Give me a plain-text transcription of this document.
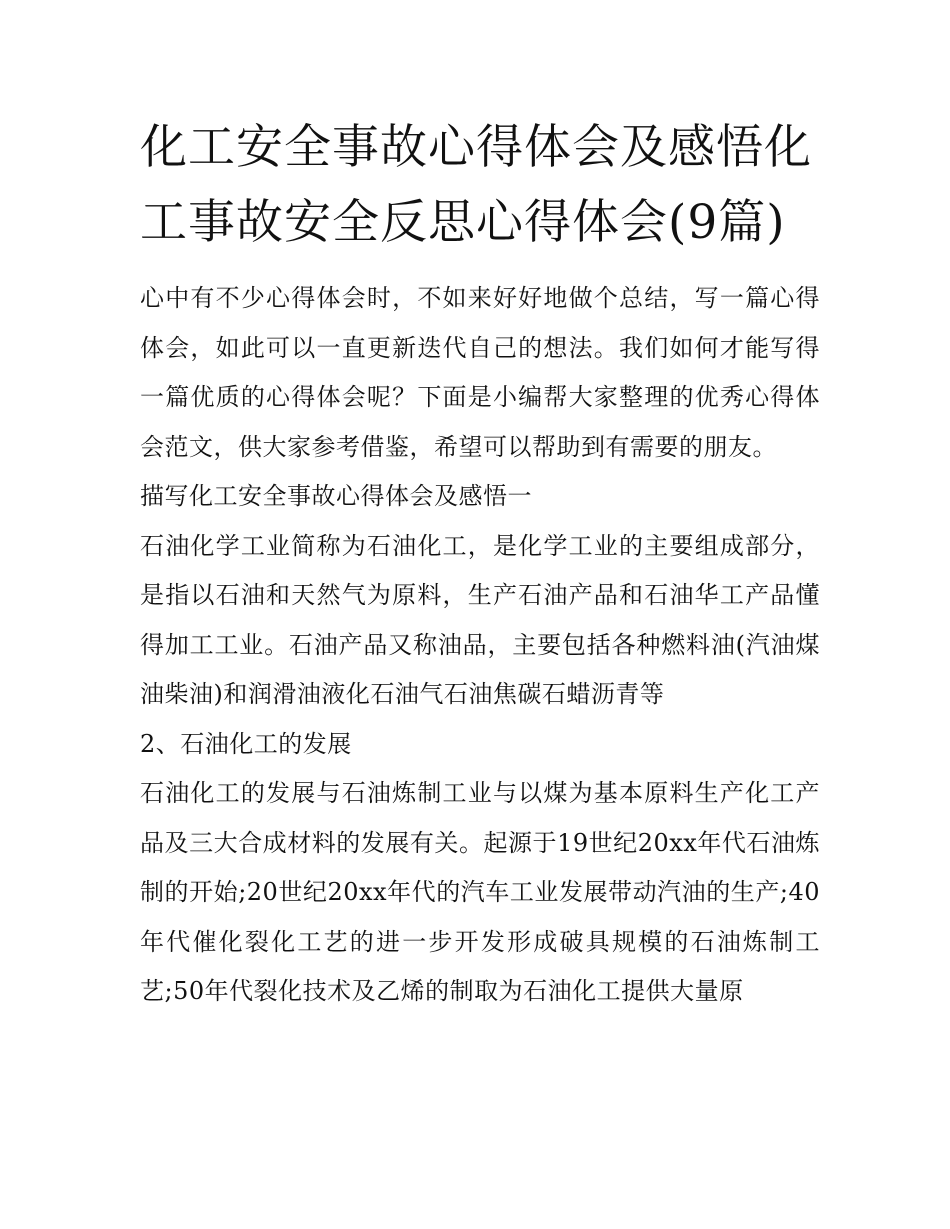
化工安全事故心得体会及感悟化工事故安全反思心得体会(9篇)

心中有不少心得体会时，不如来好好地做个总结，写一篇心得体会，如此可以一直更新迭代自己的想法。我们如何才能写得一篇优质的心得体会呢？下面是小编帮大家整理的优秀心得体会范文，供大家参考借鉴，希望可以帮助到有需要的朋友。

描写化工安全事故心得体会及感悟一

石油化学工业简称为石油化工，是化学工业的主要组成部分，是指以石油和天然气为原料，生产石油产品和石油华工产品懂得加工工业。石油产品又称油品，主要包括各种燃料油(汽油煤油柴油)和润滑油液化石油气石油焦碳石蜡沥青等

2、石油化工的发展

石油化工的发展与石油炼制工业与以煤为基本原料生产化工产品及三大合成材料的发展有关。起源于19世纪20xx年代石油炼制的开始;20世纪20xx年代的汽车工业发展带动汽油的生产;40年代催化裂化工艺的进一步开发形成破具规模的石油炼制工艺;50年代裂化技术及乙烯的制取为石油化工提供大量原
